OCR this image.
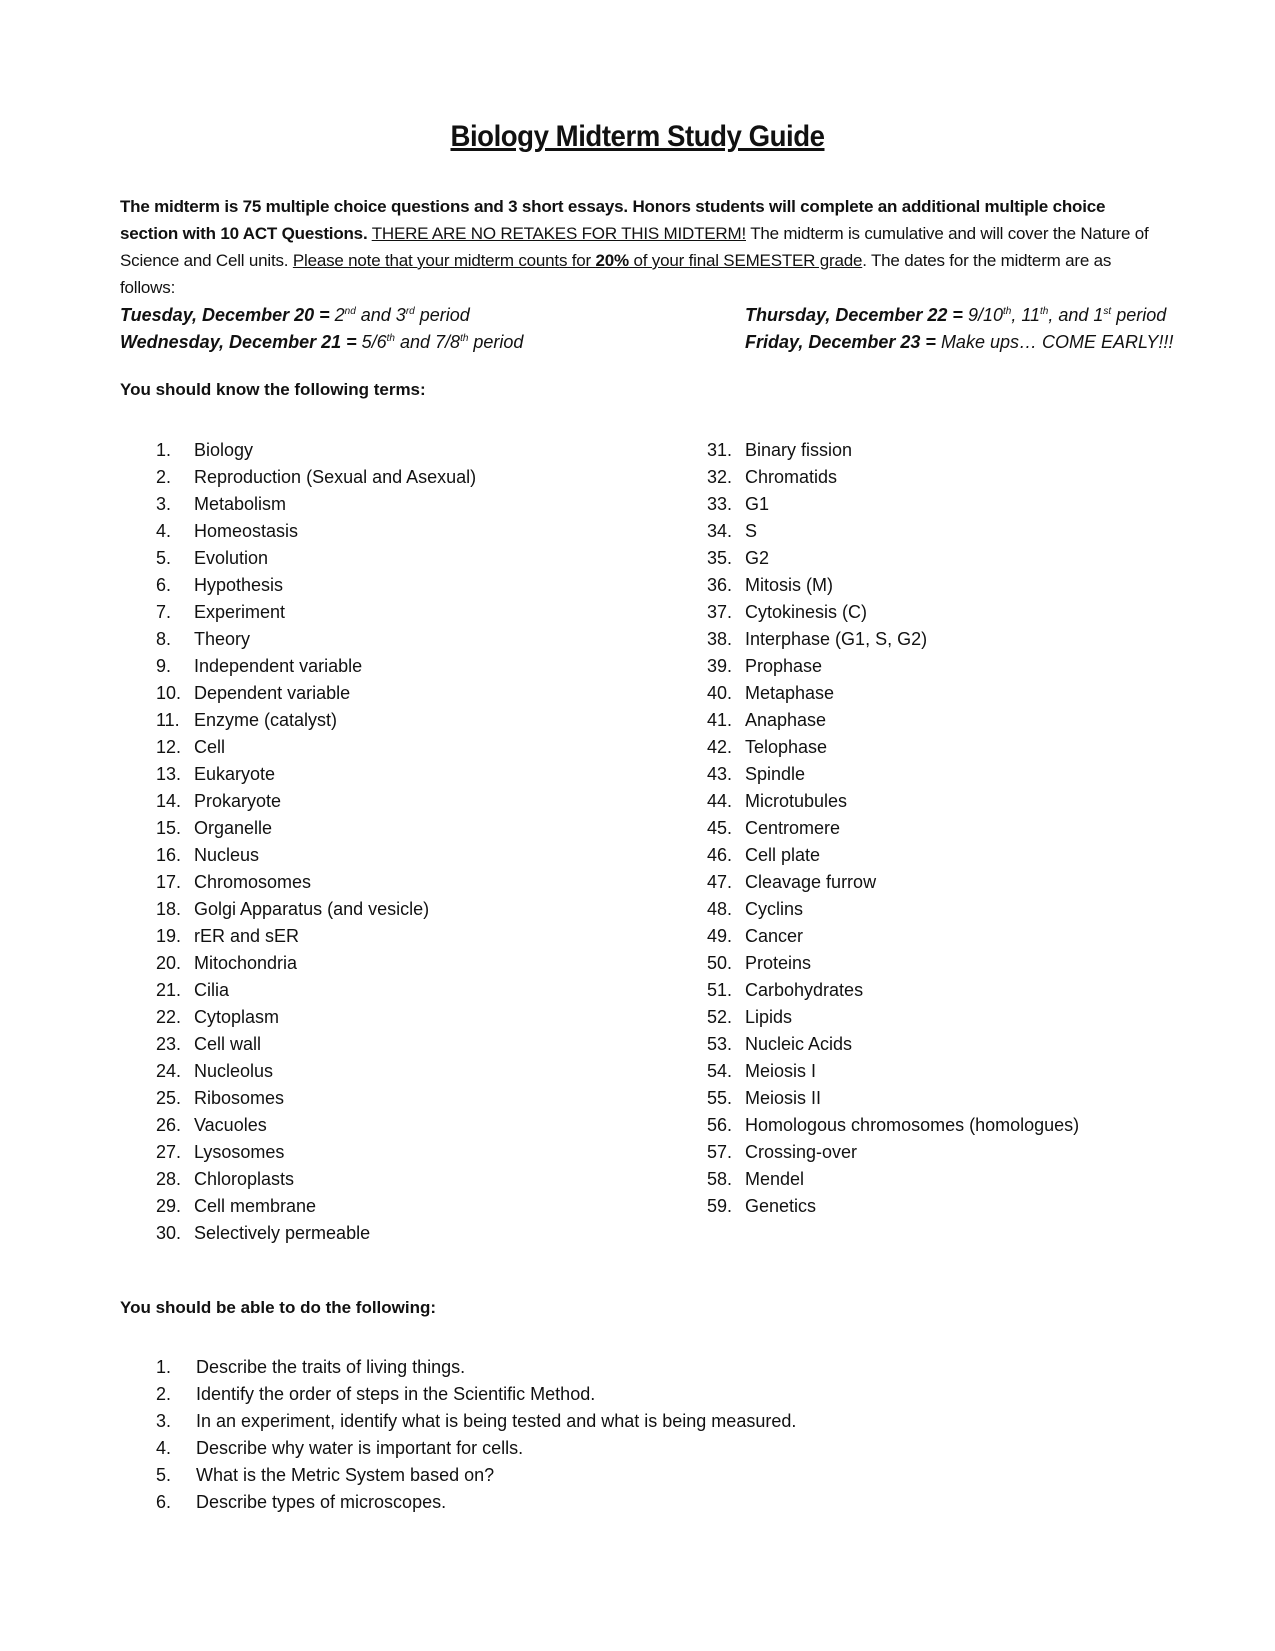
Biology Midterm Study Guide
The midterm is 75 multiple choice questions and 3 short essays. Honors students will complete an additional multiple choice section with 10 ACT Questions. THERE ARE NO RETAKES FOR THIS MIDTERM! The midterm is cumulative and will cover the Nature of Science and Cell units. Please note that your midterm counts for 20% of your final SEMESTER grade. The dates for the midterm are as follows:
Tuesday, December 20 = 2nd and 3rd period
Wednesday, December 21 = 5/6th and 7/8th period
Thursday, December 22 = 9/10th, 11th, and 1st period
Friday, December 23 = Make ups… COME EARLY!!!
You should know the following terms:
1. Biology
2. Reproduction (Sexual and Asexual)
3. Metabolism
4. Homeostasis
5. Evolution
6. Hypothesis
7. Experiment
8. Theory
9. Independent variable
10. Dependent variable
11. Enzyme (catalyst)
12. Cell
13. Eukaryote
14. Prokaryote
15. Organelle
16. Nucleus
17. Chromosomes
18. Golgi Apparatus (and vesicle)
19. rER and sER
20. Mitochondria
21. Cilia
22. Cytoplasm
23. Cell wall
24. Nucleolus
25. Ribosomes
26. Vacuoles
27. Lysosomes
28. Chloroplasts
29. Cell membrane
30. Selectively permeable
31. Binary fission
32. Chromatids
33. G1
34. S
35. G2
36. Mitosis (M)
37. Cytokinesis (C)
38. Interphase (G1, S, G2)
39. Prophase
40. Metaphase
41. Anaphase
42. Telophase
43. Spindle
44. Microtubules
45. Centromere
46. Cell plate
47. Cleavage furrow
48. Cyclins
49. Cancer
50. Proteins
51. Carbohydrates
52. Lipids
53. Nucleic Acids
54. Meiosis I
55. Meiosis II
56. Homologous chromosomes (homologues)
57. Crossing-over
58. Mendel
59. Genetics
You should be able to do the following:
1. Describe the traits of living things.
2. Identify the order of steps in the Scientific Method.
3. In an experiment, identify what is being tested and what is being measured.
4. Describe why water is important for cells.
5. What is the Metric System based on?
6. Describe types of microscopes.
